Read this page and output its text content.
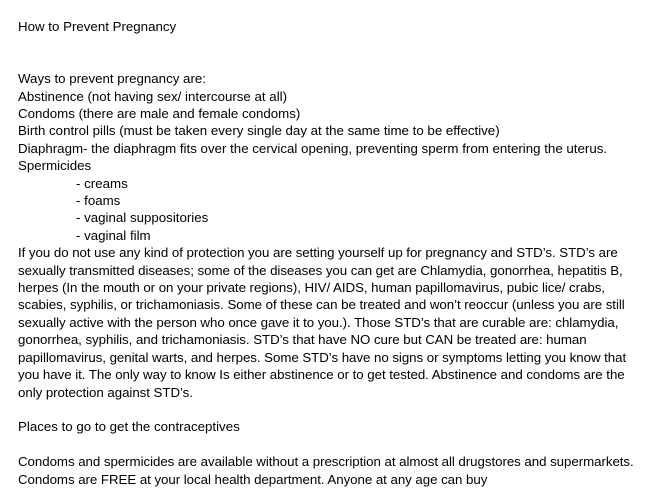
How to Prevent Pregnancy

Ways to prevent pregnancy are:

Abstinence (not having sex/ intercourse at all)

Condoms (there are male and female condoms)

Birth control pills (must be taken every single day at the same time to be effective)

Diaphragm- the diaphragm fits over the cervical opening, preventing sperm from entering the uterus.

Spermicides

- creams

- foams

- vaginal suppositories

- vaginal film

If you do not use any kind of protection you are setting yourself up for pregnancy and STD’s. STD’s are sexually transmitted diseases; some of the diseases you can get are Chlamydia, gonorrhea, hepatitis B, herpes (In the mouth or on your private regions), HIV/ AIDS, human papillomavirus, pubic lice/ crabs, scabies, syphilis, or trichamoniasis. Some of these can be treated and won’t reoccur (unless you are still sexually active with the person who once gave it to you.). Those STD’s that are curable are: chlamydia, gonorrhea, syphilis, and trichamoniasis. STD’s that have NO cure but CAN be treated are: human papillomavirus, genital warts, and herpes. Some STD’s have no signs or symptoms letting you know that you have it. The only way to know Is either abstinence or to get tested. Abstinence and condoms are the only protection against STD’s.

Places to go to get the contraceptives

Condoms and spermicides are available without a prescription at almost all drugstores and supermarkets. Condoms are FREE at your local health department. Anyone at any age can buy
